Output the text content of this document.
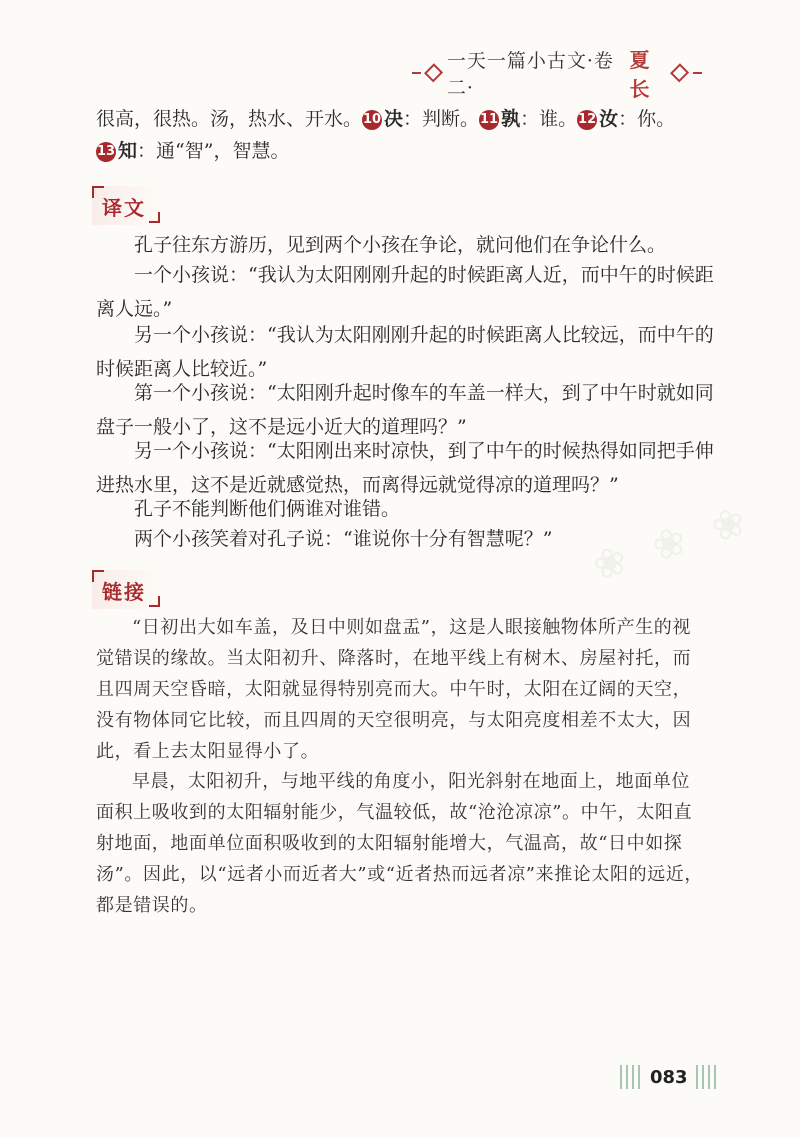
一天一篇小古文·卷二·
夏长
很高，很热。汤，热水、开水。10 决：判断。11 孰：谁。12 汝：你。
13 知：通“智”，智慧。
译文

孔子往东方游历，见到两个小孩在争论，就问他们在争论什么。

一个小孩说：“我认为太阳刚刚升起的时候距离人近，而中午的时候距离人远。”

另一个小孩说：“我认为太阳刚刚升起的时候距离人比较远，而中午的时候距离人比较近。”

第一个小孩说：“太阳刚升起时像车的车盖一样大，到了中午时就如同盘子一般小了，这不是远小近大的道理吗？”

另一个小孩说：“太阳刚出来时凉快，到了中午的时候热得如同把手伸进热水里，这不是近就感觉热，而离得远就觉得凉的道理吗？”

孔子不能判断他们俩谁对谁错。

两个小孩笑着对孔子说：“谁说你十分有智慧呢？”

链接

“日初出大如车盖，及日中则如盘盂”，这是人眼接触物体所产生的视觉错误的缘故。当太阳初升、降落时，在地平线上有树木、房屋衬托，而且四周天空昏暗，太阳就显得特别亮而大。中午时，太阳在辽阔的天空，没有物体同它比较，而且四周的天空很明亮，与太阳亮度相差不太大，因此，看上去太阳显得小了。

早晨，太阳初升，与地平线的角度小，阳光斜射在地面上，地面单位面积上吸收到的太阳辐射能少，气温较低，故“沧沧凉凉”。中午，太阳直射地面，地面单位面积吸收到的太阳辐射能增大，气温高，故“日中如探汤”。因此，以“远者小而近者大”或“近者热而远者凉”来推论太阳的远近，都是错误的。

❀ ❀ ❀
083
